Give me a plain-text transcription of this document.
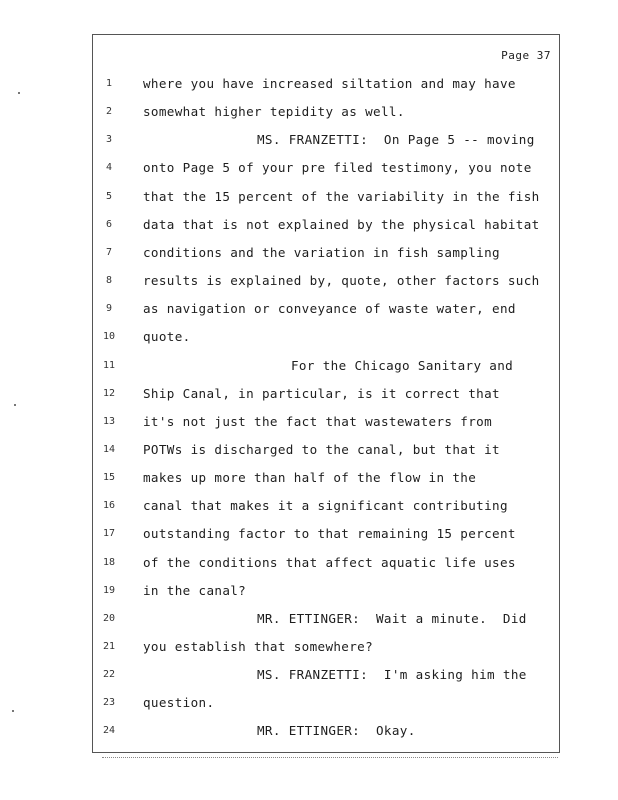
Page 37
1	where you have increased siltation and may have
2	somewhat higher tepidity as well.
3	MS. FRANZETTI:  On Page 5 -- moving
4	onto Page 5 of your pre filed testimony, you note
5	that the 15 percent of the variability in the fish
6	data that is not explained by the physical habitat
7	conditions and the variation in fish sampling
8	results is explained by, quote, other factors such
9	as navigation or conveyance of waste water, end
10	quote.
11	For the Chicago Sanitary and
12	Ship Canal, in particular, is it correct that
13	it's not just the fact that wastewaters from
14	POTWs is discharged to the canal, but that it
15	makes up more than half of the flow in the
16	canal that makes it a significant contributing
17	outstanding factor to that remaining 15 percent
18	of the conditions that affect aquatic life uses
19	in the canal?
20	MR. ETTINGER:  Wait a minute.  Did
21	you establish that somewhere?
22	MS. FRANZETTI:  I'm asking him the
23	question.
24	MR. ETTINGER:  Okay.
